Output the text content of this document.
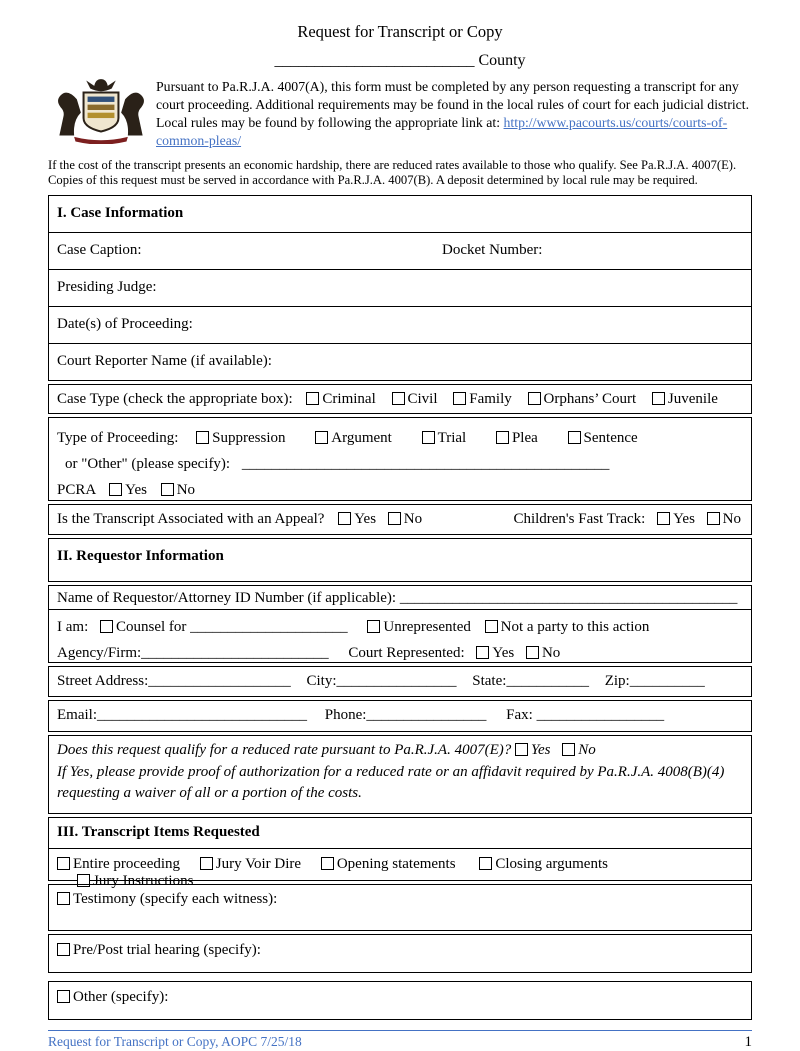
Request for Transcript or Copy
_________________________ County
Pursuant to Pa.R.J.A. 4007(A), this form must be completed by any person requesting a transcript for any court proceeding. Additional requirements may be found in the local rules of court for each judicial district. Local rules may be found by following the appropriate link at: http://www.pacourts.us/courts/courts-of-common-pleas/
If the cost of the transcript presents an economic hardship, there are reduced rates available to those who qualify. See Pa.R.J.A. 4007(E). Copies of this request must be served in accordance with Pa.R.J.A. 4007(B). A deposit determined by local rule may be required.
I. Case Information
Case Caption:	Docket Number:
Presiding Judge:
Date(s) of Proceeding:
Court Reporter Name (if available):
Case Type (check the appropriate box): Criminal Civil Family Orphans’ Court Juvenile
Type of Proceeding: Suppression	Argument	Trial	Plea	Sentence
or "Other" (please specify): _________________________________________________
PCRA Yes No
Is the Transcript Associated with an Appeal? Yes No	Children's Fast Track: Yes No
II. Requestor Information
Name of Requestor/Attorney ID Number (if applicable): _____________________________________________
I am: Counsel for _____________________ Unrepresented Not a party to this action
Agency/Firm:_________________________ Court Represented: Yes No
Street Address:___________________ City:________________ State:___________ Zip:__________
Email:____________________________ Phone:________________ Fax: _________________
Does this request qualify for a reduced rate pursuant to Pa.R.J.A. 4007(E)? Yes No
If Yes, please provide proof of authorization for a reduced rate or an affidavit required by Pa.R.J.A. 4008(B)(4) requesting a waiver of all or a portion of the costs.
III. Transcript Items Requested
Entire proceeding Jury Voir Dire Opening statements	Closing arguments Jury Instructions
Testimony (specify each witness):
Pre/Post trial hearing (specify):
Other (specify):
Request for Transcript or Copy, AOPC 7/25/18	1
